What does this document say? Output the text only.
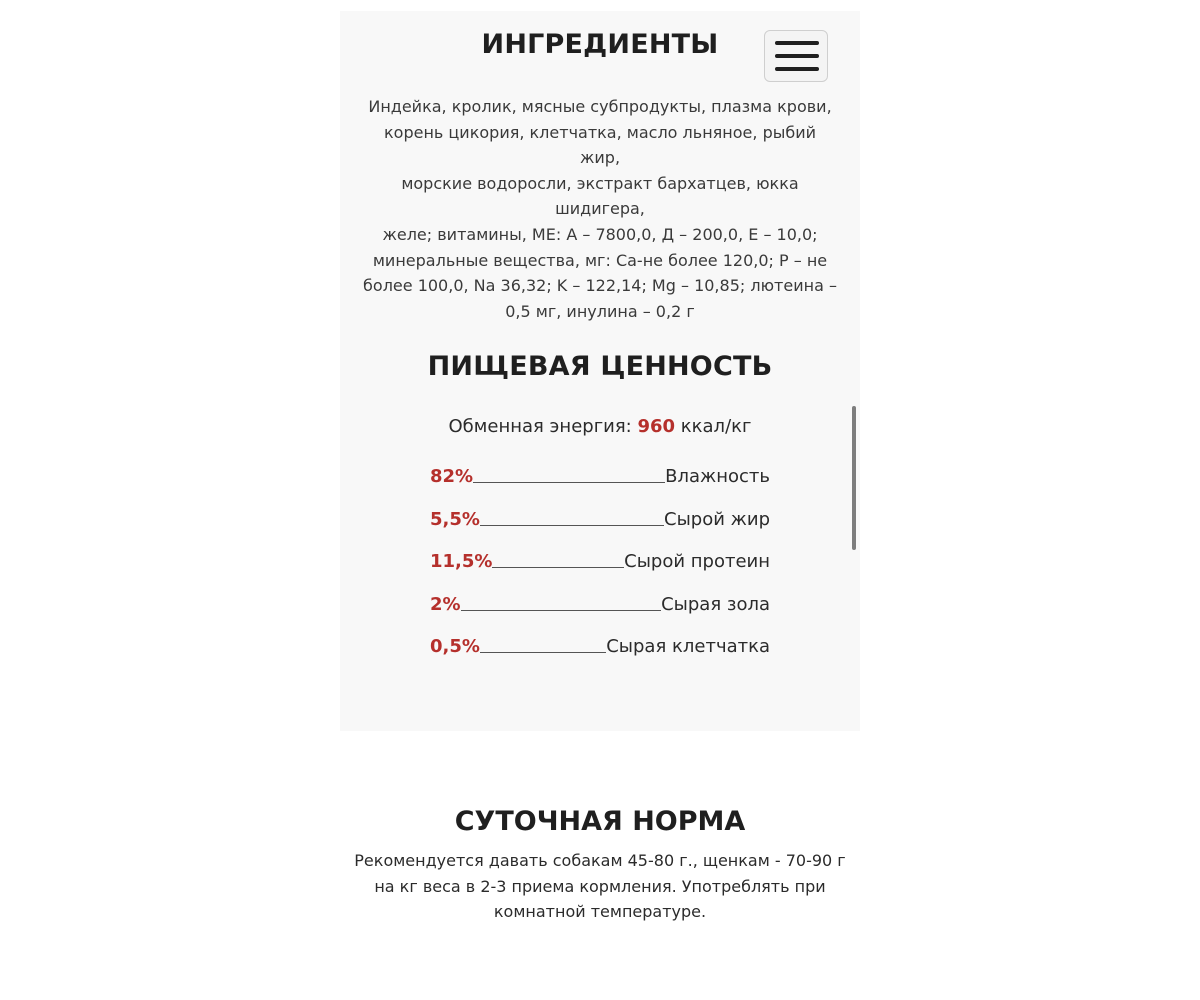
ИНГРЕДИЕНТЫ

Индейка, кролик, мясные субпродукты, плазма крови,
корень цикория, клетчатка, масло льняное, рыбий жир,
морские водоросли, экстракт бархатцев, юкка шидигера,
желе; витамины, ME: A – 7800,0, Д – 200,0, E – 10,0;
минеральные вещества, мг: Ca-не более 120,0; P – не
более 100,0, Na 36,32; K – 122,14; Mg – 10,85; лютеина –
0,5 мг, инулина – 0,2 г

ПИЩЕВАЯ ЦЕННОСТЬ
Обменная энергия: 960 ккал/кг
82%	Влажность
5,5%	Сырой жир
11,5%	Сырой протеин
2%	Сырая зола
0,5%	Сырая клетчатка
СУТОЧНАЯ НОРМА

Рекомендуется давать собакам 45-80 г., щенкам - 70-90 г
на кг веса в 2-3 приема кормления. Употреблять при
комнатной температуре.
